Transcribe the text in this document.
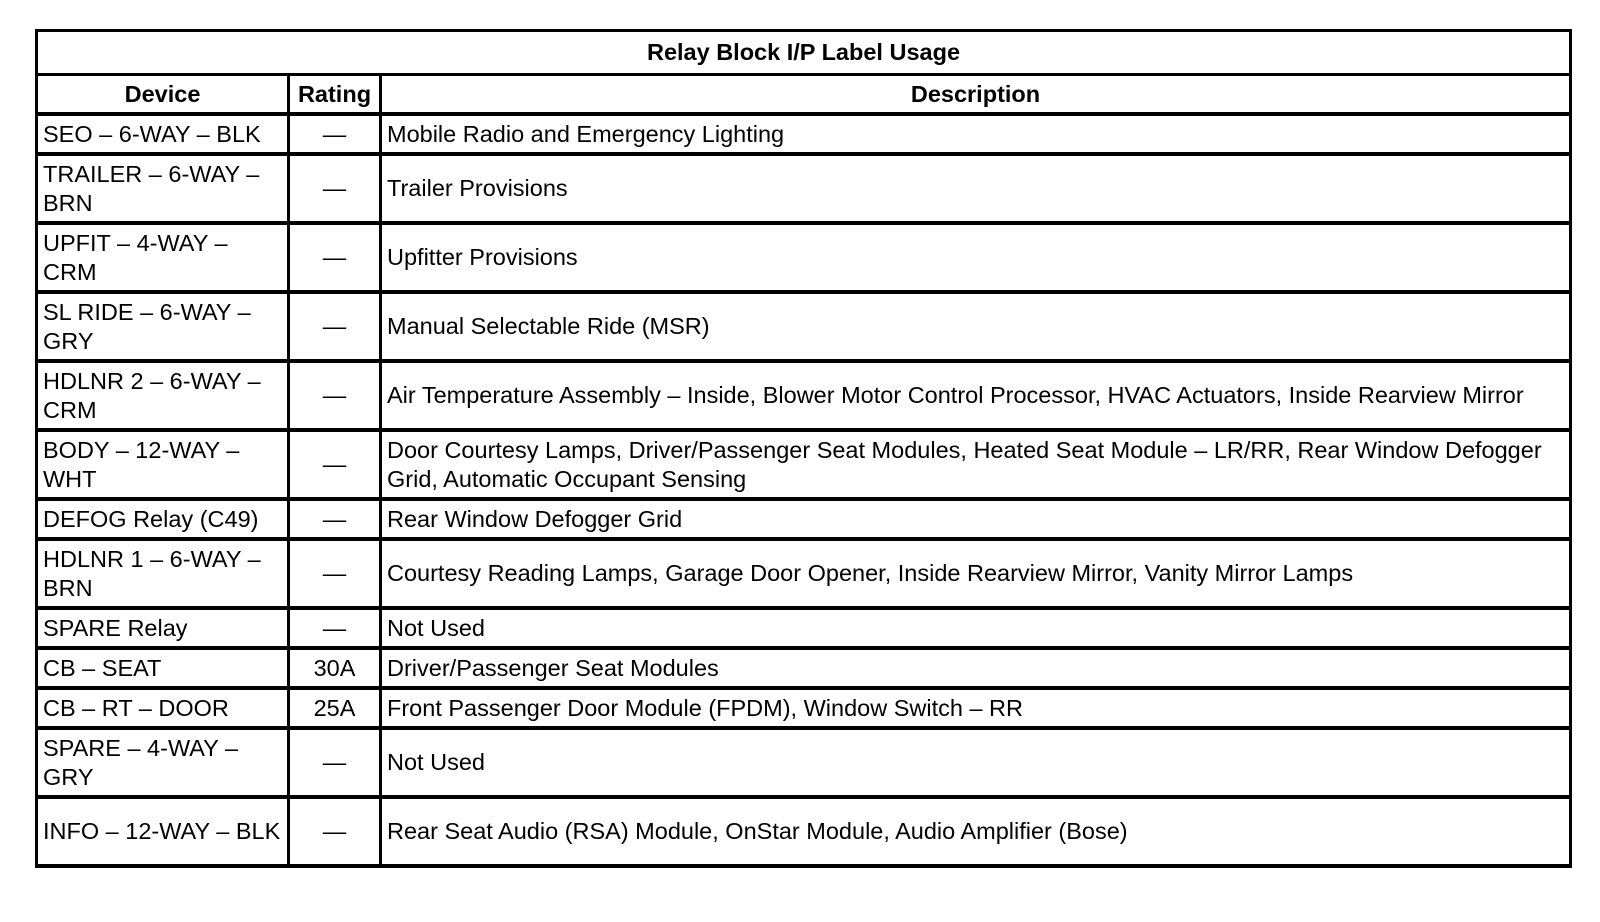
Relay Block I/P Label Usage		
Device	Rating	Description
SEO – 6-WAY – BLK	—	Mobile Radio and Emergency Lighting
TRAILER – 6-WAY – BRN	—	Trailer Provisions
UPFIT – 4-WAY – CRM	—	Upfitter Provisions
SL RIDE – 6-WAY – GRY	—	Manual Selectable Ride (MSR)
HDLNR 2 – 6-WAY – CRM	—	Air Temperature Assembly – Inside, Blower Motor Control Processor, HVAC Actuators, Inside Rearview Mirror
BODY – 12-WAY – WHT	—	Door Courtesy Lamps, Driver/Passenger Seat Modules, Heated Seat Module – LR/RR, Rear Window Defogger Grid, Automatic Occupant Sensing
DEFOG Relay (C49)	—	Rear Window Defogger Grid
HDLNR 1 – 6-WAY – BRN	—	Courtesy Reading Lamps, Garage Door Opener, Inside Rearview Mirror, Vanity Mirror Lamps
SPARE Relay	—	Not Used
CB – SEAT	30A	Driver/Passenger Seat Modules
CB – RT – DOOR	25A	Front Passenger Door Module (FPDM), Window Switch – RR
SPARE – 4-WAY – GRY	—	Not Used
INFO – 12-WAY – BLK	—	Rear Seat Audio (RSA) Module, OnStar Module, Audio Amplifier (Bose)
